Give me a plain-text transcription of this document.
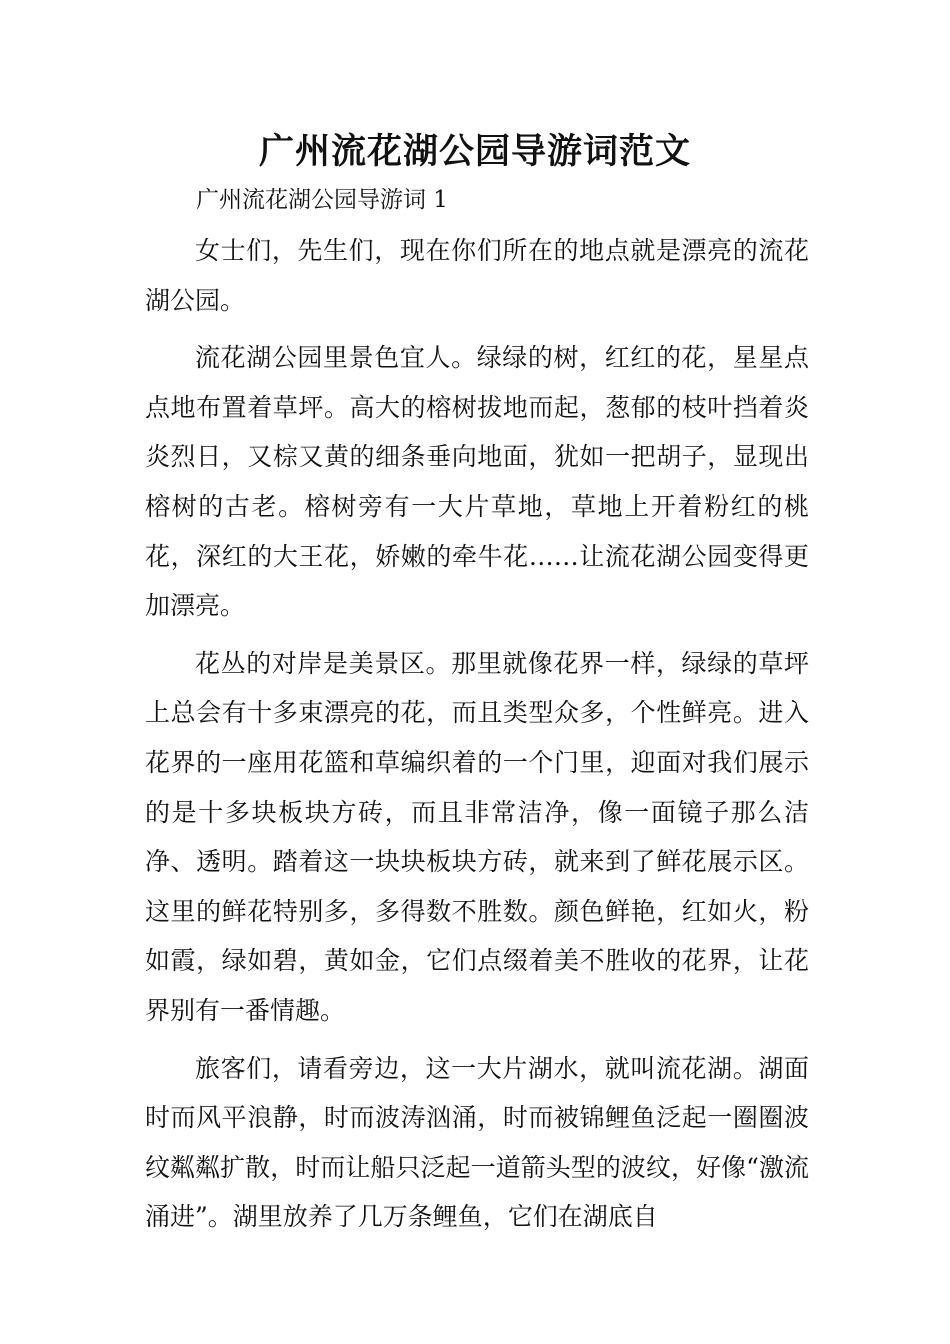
广州流花湖公园导游词范文

广州流花湖公园导游词 1

女士们，先生们，现在你们所在的地点就是漂亮的流花湖公园。

流花湖公园里景色宜人。绿绿的树，红红的花，星星点点地布置着草坪。高大的榕树拔地而起，葱郁的枝叶挡着炎炎烈日，又棕又黄的细条垂向地面，犹如一把胡子，显现出榕树的古老。榕树旁有一大片草地，草地上开着粉红的桃花，深红的大王花，娇嫩的牵牛花……让流花湖公园变得更加漂亮。

花丛的对岸是美景区。那里就像花界一样，绿绿的草坪上总会有十多束漂亮的花，而且类型众多，个性鲜亮。进入花界的一座用花篮和草编织着的一个门里，迎面对我们展示的是十多块板块方砖，而且非常洁净，像一面镜子那么洁净、透明。踏着这一块块板块方砖，就来到了鲜花展示区。这里的鲜花特别多，多得数不胜数。颜色鲜艳，红如火，粉如霞，绿如碧，黄如金，它们点缀着美不胜收的花界，让花界别有一番情趣。

旅客们，请看旁边，这一大片湖水，就叫流花湖。湖面时而风平浪静，时而波涛汹涌，时而被锦鲤鱼泛起一圈圈波纹粼粼扩散，时而让船只泛起一道箭头型的波纹，好像“激流涌进”。湖里放养了几万条鲤鱼，它们在湖底自
